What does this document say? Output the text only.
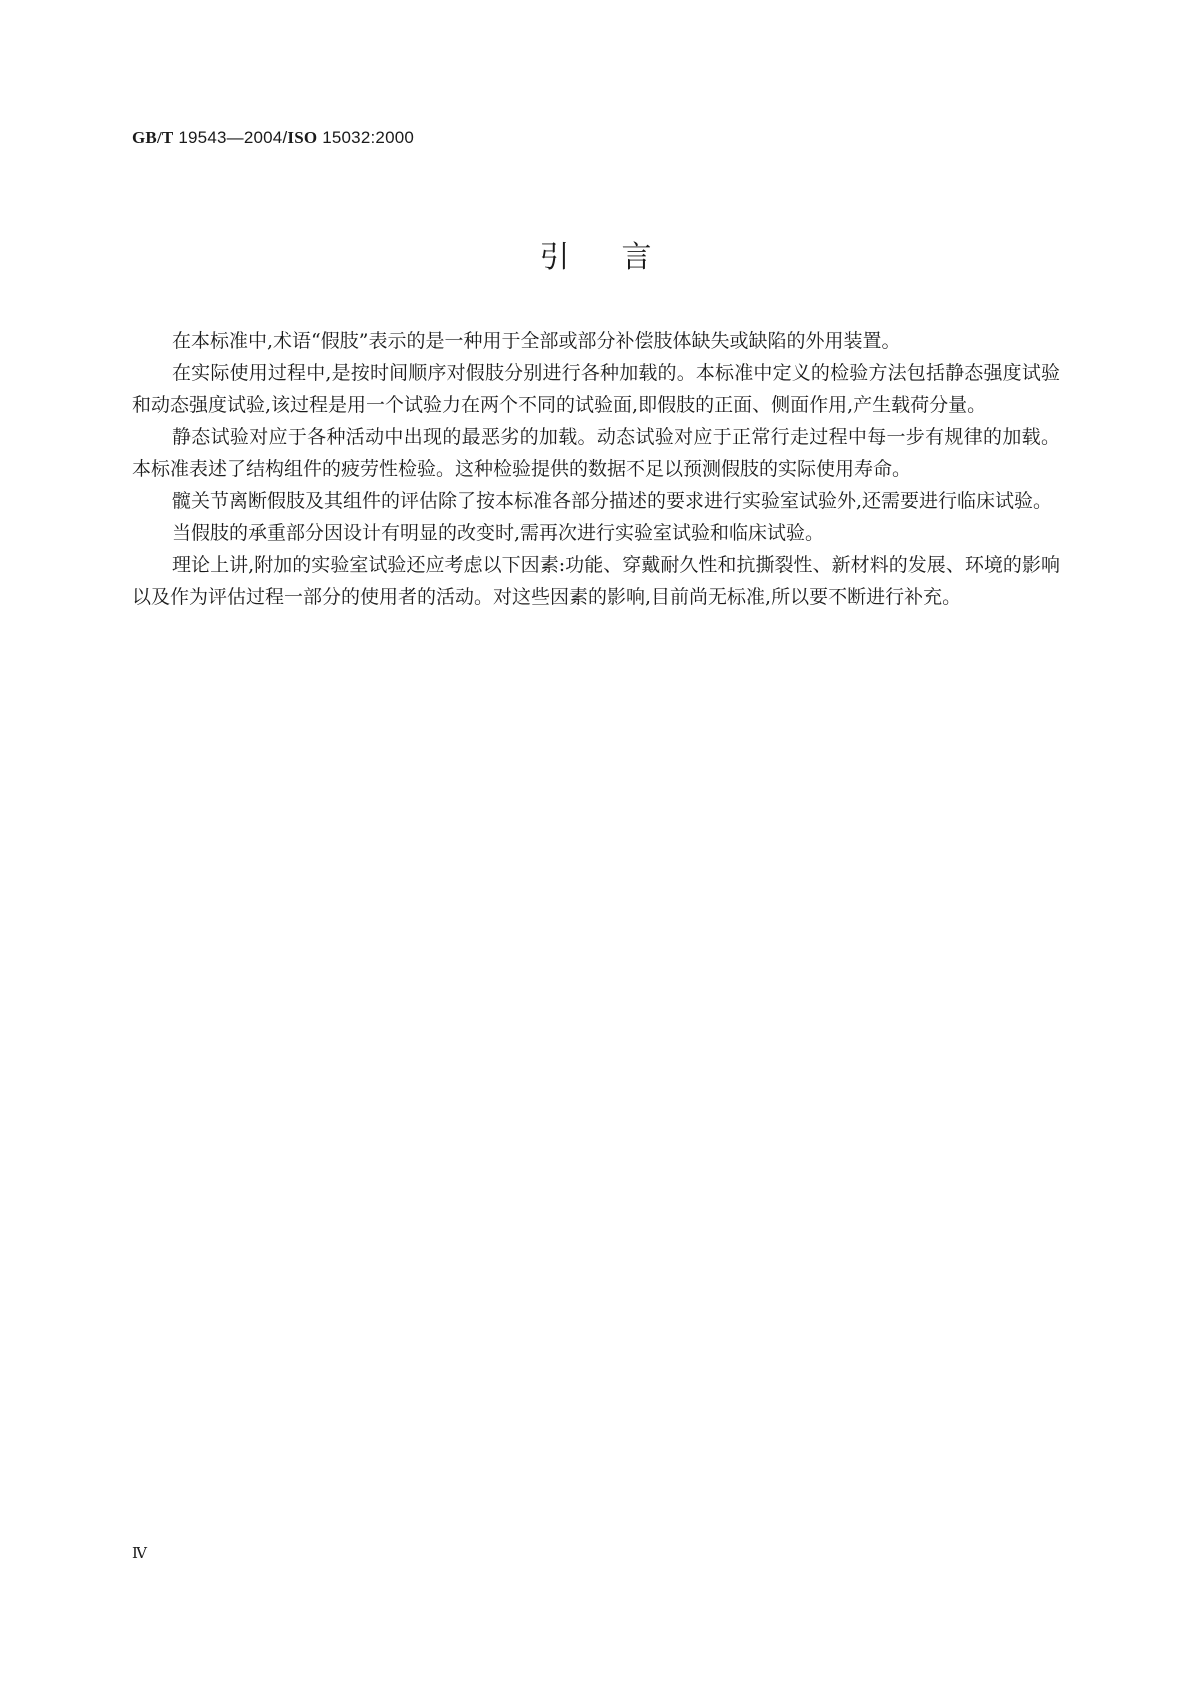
GB/T 19543—2004/ISO 15032:2000
引言

在本标准中,术语“假肢”表示的是一种用于全部或部分补偿肢体缺失或缺陷的外用装置。

在实际使用过程中,是按时间顺序对假肢分别进行各种加载的。本标准中定义的检验方法包括静态强度试验和动态强度试验,该过程是用一个试验力在两个不同的试验面,即假肢的正面、侧面作用,产生载荷分量。

静态试验对应于各种活动中出现的最恶劣的加载。动态试验对应于正常行走过程中每一步有规律的加载。本标准表述了结构组件的疲劳性检验。这种检验提供的数据不足以预测假肢的实际使用寿命。

髋关节离断假肢及其组件的评估除了按本标准各部分描述的要求进行实验室试验外,还需要进行临床试验。

当假肢的承重部分因设计有明显的改变时,需再次进行实验室试验和临床试验。

理论上讲,附加的实验室试验还应考虑以下因素:功能、穿戴耐久性和抗撕裂性、新材料的发展、环境的影响以及作为评估过程一部分的使用者的活动。对这些因素的影响,目前尚无标准,所以要不断进行补充。

Ⅳ
